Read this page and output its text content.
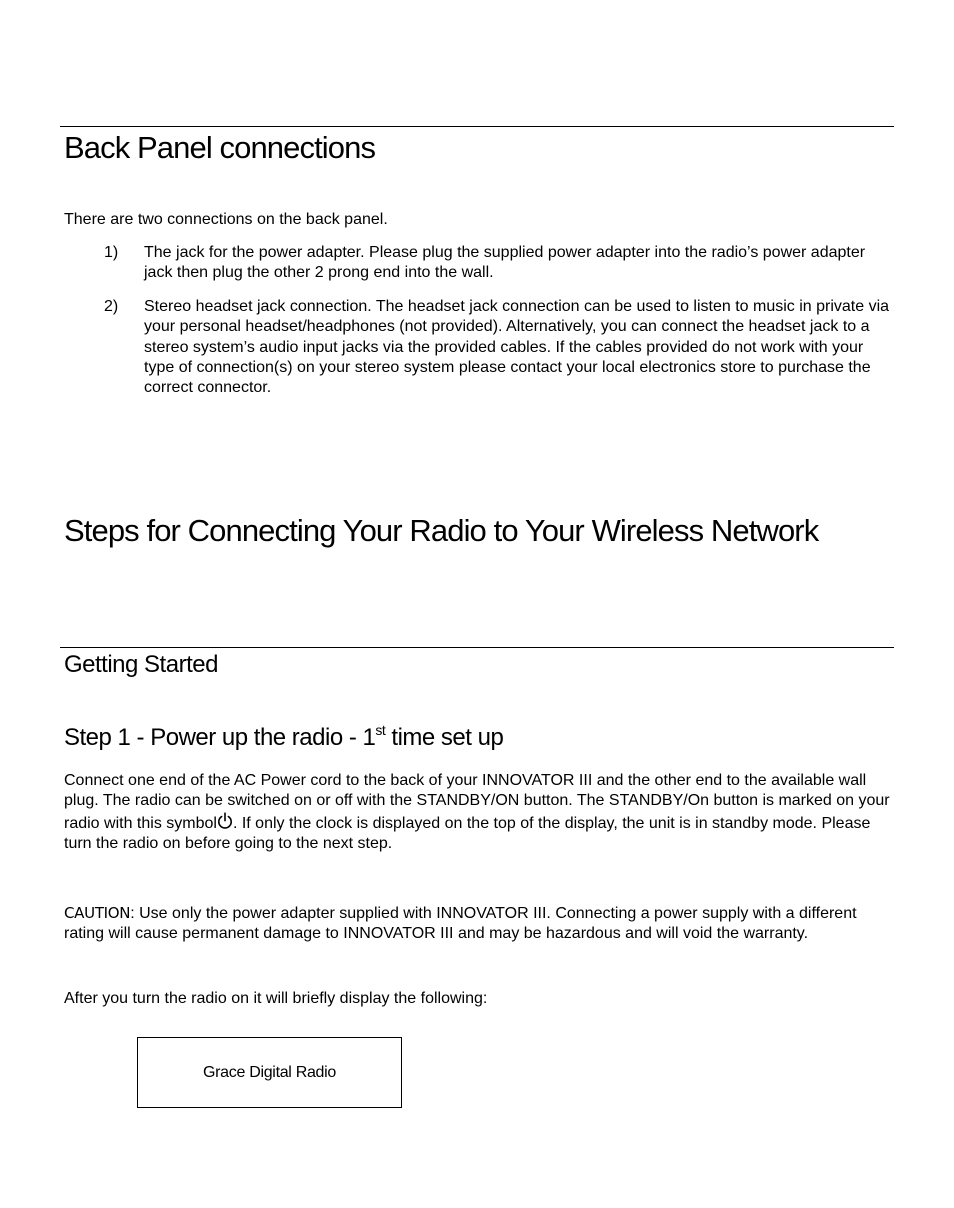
Back Panel connections

There are two connections on the back panel.

1) The jack for the power adapter. Please plug the supplied power adapter into the radio’s power adapter jack then plug the other 2 prong end into the wall.
2) Stereo headset jack connection. The headset jack connection can be used to listen to music in private via your personal headset/headphones (not provided). Alternatively, you can connect the headset jack to a stereo system’s audio input jacks via the provided cables. If the cables provided do not work with your type of connection(s) on your stereo system please contact your local electronics store to purchase the correct connector.
Steps for Connecting Your Radio to Your Wireless Network
Getting Started
Step 1 - Power up the radio - 1st time set up

Connect one end of the AC Power cord to the back of your INNOVATOR III and the other end to the available wall plug. The radio can be switched on or off with the STANDBY/ON button. The STANDBY/On button is marked on your radio with this symbol . If only the clock is displayed on the top of the display, the unit is in standby mode. Please turn the radio on before going to the next step.

CAUTION: Use only the power adapter supplied with INNOVATOR III. Connecting a power supply with a different rating will cause permanent damage to INNOVATOR III and may be hazardous and will void the warranty.

After you turn the radio on it will briefly display the following:

Grace Digital Radio
